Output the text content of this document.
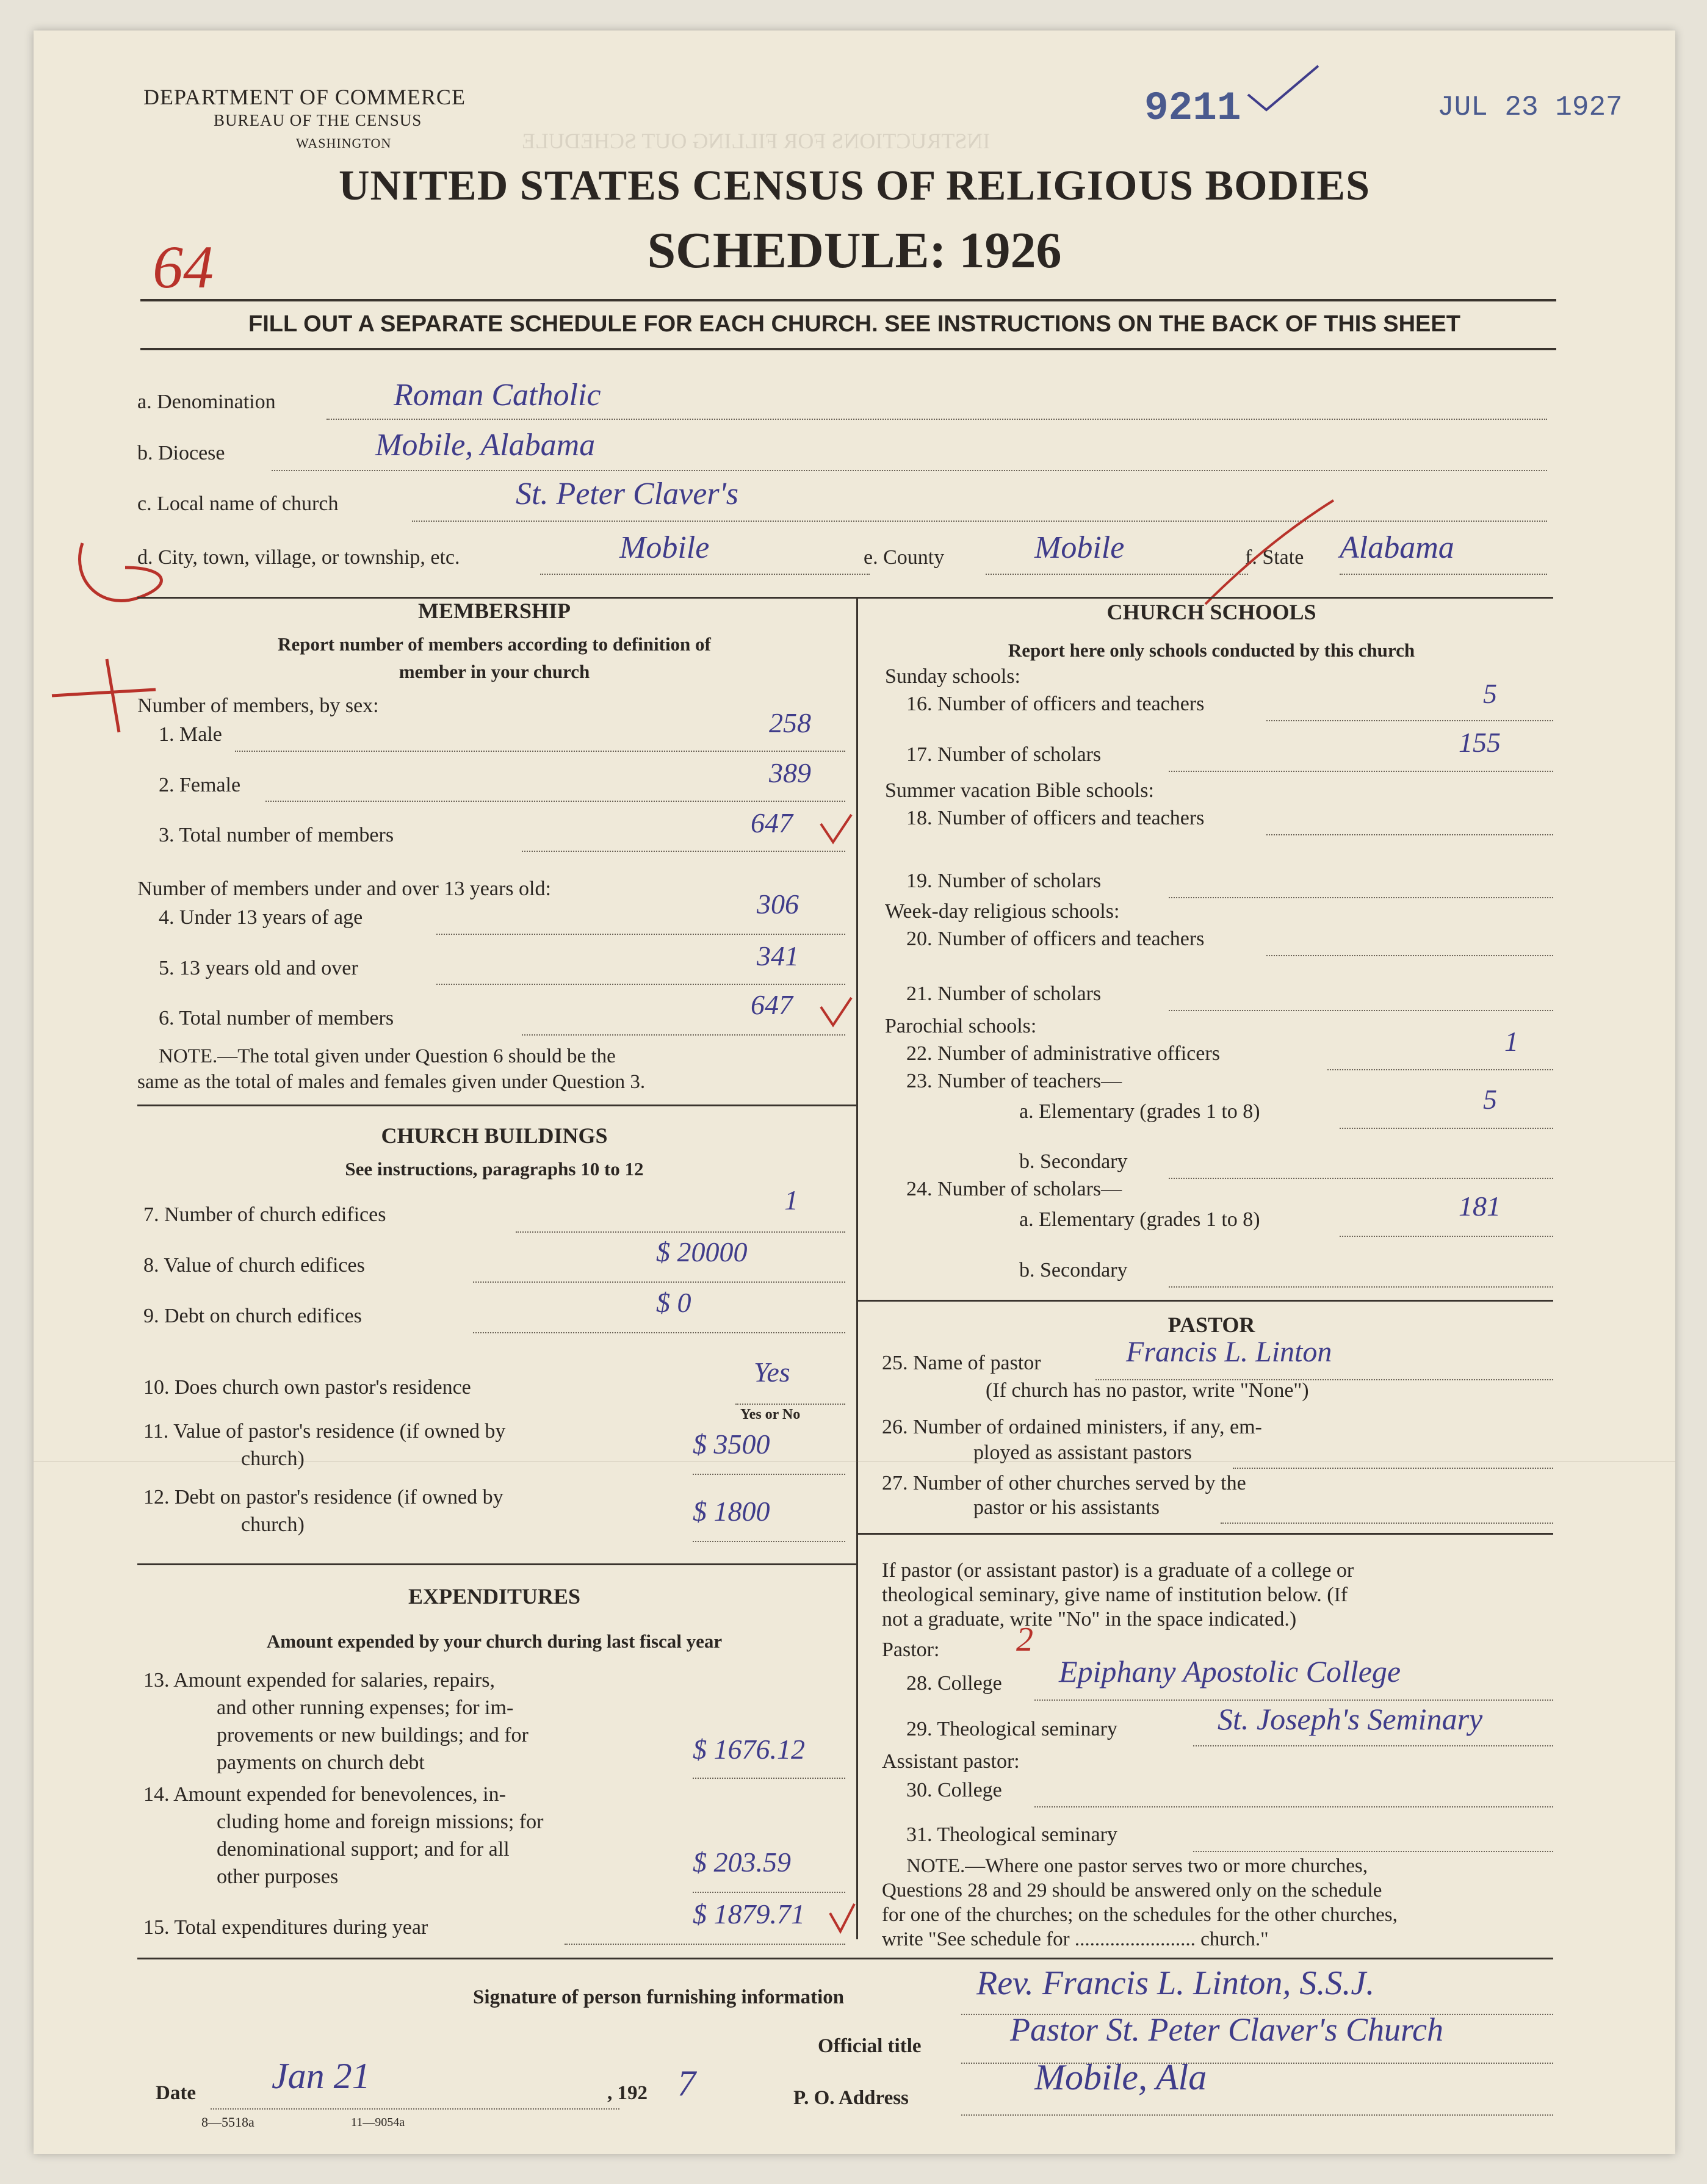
INSTRUCTIONS FOR FILLING OUT SCHEDULE
DEPARTMENT OF COMMERCE
BUREAU OF THE CENSUS
WASHINGTON
9211	JUL 23 1927
UNITED STATES CENSUS OF RELIGIOUS BODIES
SCHEDULE: 1926
64
FILL OUT A SEPARATE SCHEDULE FOR EACH CHURCH. SEE INSTRUCTIONS ON THE BACK OF THIS SHEET
a. Denomination	Roman Catholic
b. Diocese	Mobile, Alabama
c. Local name of church	St. Peter Claver's
d. City, town, village, or township, etc.	Mobile	e. County	Mobile	f. State Alabama
MEMBERSHIP
Report number of members according to definition of
member in your church
Number of members, by sex:
1. Male	258
2. Female	389
3. Total number of members	647
Number of members under and over 13 years old:
4. Under 13 years of age	306
5. 13 years old and over	341
6. Total number of members	647
NOTE.—The total given under Question 6 should be the
same as the total of males and females given under Question 3.
CHURCH BUILDINGS
See instructions, paragraphs 10 to 12
7. Number of church edifices	1
8. Value of church edifices	$ 20000
9. Debt on church edifices	$ 0
10. Does church own pastor's residence	Yes
Yes or No
11. Value of pastor's residence (if owned by
church)	$ 3500
12. Debt on pastor's residence (if owned by
church)	$ 1800
EXPENDITURES
Amount expended by your church during last fiscal year
13. Amount expended for salaries, repairs,
and other running expenses; for im-
provements or new buildings; and for
payments on church debt	$ 1676.12
14. Amount expended for benevolences, in-
cluding home and foreign missions; for
denominational support; and for all
other purposes	$ 203.59
15. Total expenditures during year	$ 1879.71
CHURCH SCHOOLS
Report here only schools conducted by this church
Sunday schools:
16. Number of officers and teachers	5
17. Number of scholars	155
Summer vacation Bible schools:
18. Number of officers and teachers
19. Number of scholars
Week-day religious schools:
20. Number of officers and teachers
21. Number of scholars
Parochial schools:
22. Number of administrative officers	1
23. Number of teachers—
a. Elementary (grades 1 to 8)	5
b. Secondary
24. Number of scholars—
a. Elementary (grades 1 to 8)	181
b. Secondary
PASTOR
25. Name of pastor	Francis L. Linton
(If church has no pastor, write "None")
26. Number of ordained ministers, if any, em-
ployed as assistant pastors
27. Number of other churches served by the
pastor or his assistants
If pastor (or assistant pastor) is a graduate of a college or
theological seminary, give name of institution below. (If
not a graduate, write "No" in the space indicated.)
Pastor: 2
28. College Epiphany Apostolic College
29. Theological seminary	St. Joseph's Seminary
Assistant pastor:
30. College
31. Theological seminary
NOTE.—Where one pastor serves two or more churches,
Questions 28 and 29 should be answered only on the schedule
for one of the churches; on the schedules for the other churches,
write "See schedule for ........................ church."
Signature of person furnishing information	Rev. Francis L. Linton, S.S.J.
Official title	Pastor St. Peter Claver's Church
Date Jan 21	, 192 7	P. O. Address
Mobile, Ala
8—5518a	11—9054a
